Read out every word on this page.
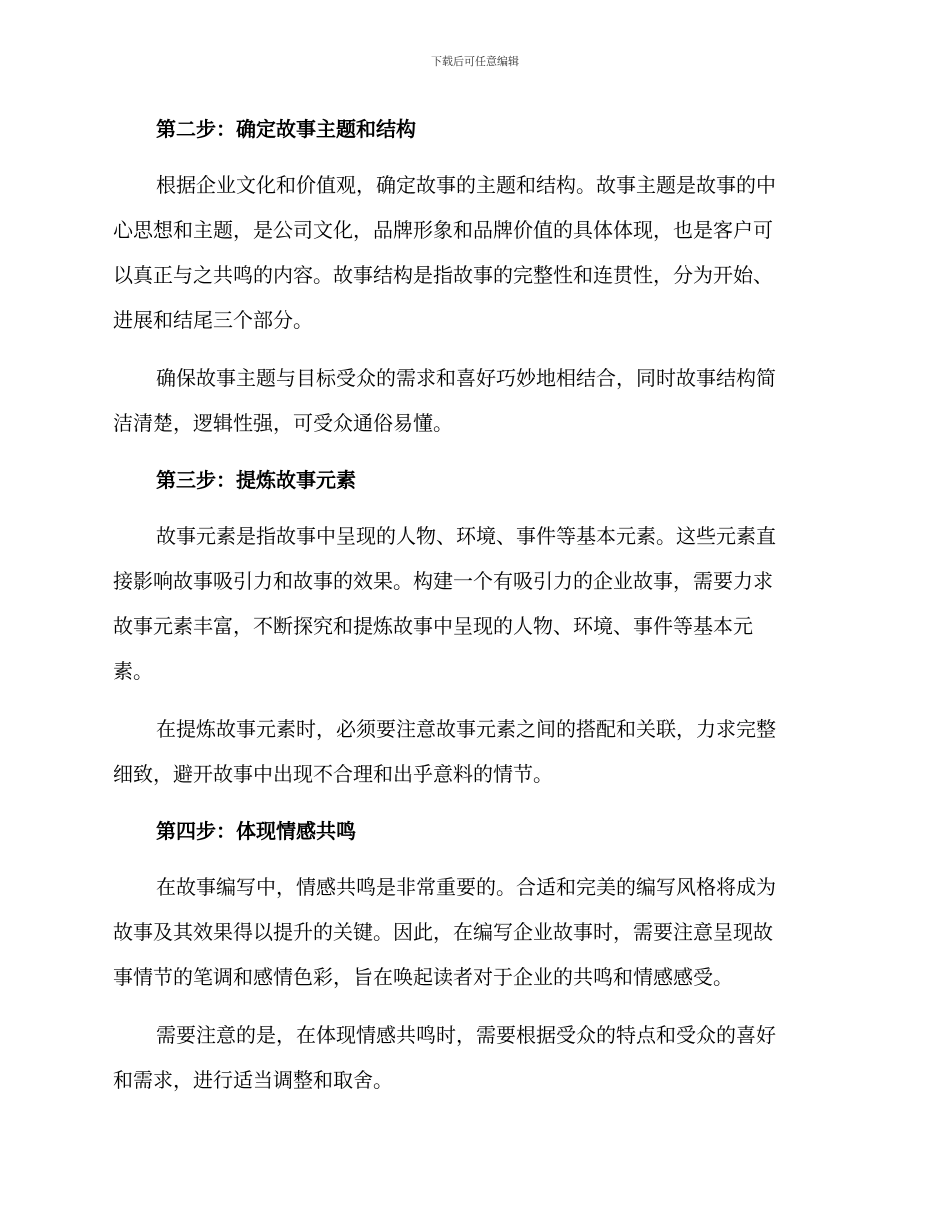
下载后可任意编辑
第二步：确定故事主题和结构

根据企业文化和价值观，确定故事的主题和结构。故事主题是故事的中
心思想和主题，是公司文化，品牌形象和品牌价值的具体体现，也是客户可
以真正与之共鸣的内容。故事结构是指故事的完整性和连贯性，分为开始、
进展和结尾三个部分。

确保故事主题与目标受众的需求和喜好巧妙地相结合，同时故事结构简
洁清楚，逻辑性强，可受众通俗易懂。

第三步：提炼故事元素

故事元素是指故事中呈现的人物、环境、事件等基本元素。这些元素直
接影响故事吸引力和故事的效果。构建一个有吸引力的企业故事，需要力求
故事元素丰富，不断探究和提炼故事中呈现的人物、环境、事件等基本元
素。

在提炼故事元素时，必须要注意故事元素之间的搭配和关联，力求完整
细致，避开故事中出现不合理和出乎意料的情节。

第四步：体现情感共鸣

在故事编写中，情感共鸣是非常重要的。合适和完美的编写风格将成为
故事及其效果得以提升的关键。因此，在编写企业故事时，需要注意呈现故
事情节的笔调和感情色彩，旨在唤起读者对于企业的共鸣和情感感受。

需要注意的是，在体现情感共鸣时，需要根据受众的特点和受众的喜好
和需求，进行适当调整和取舍。
